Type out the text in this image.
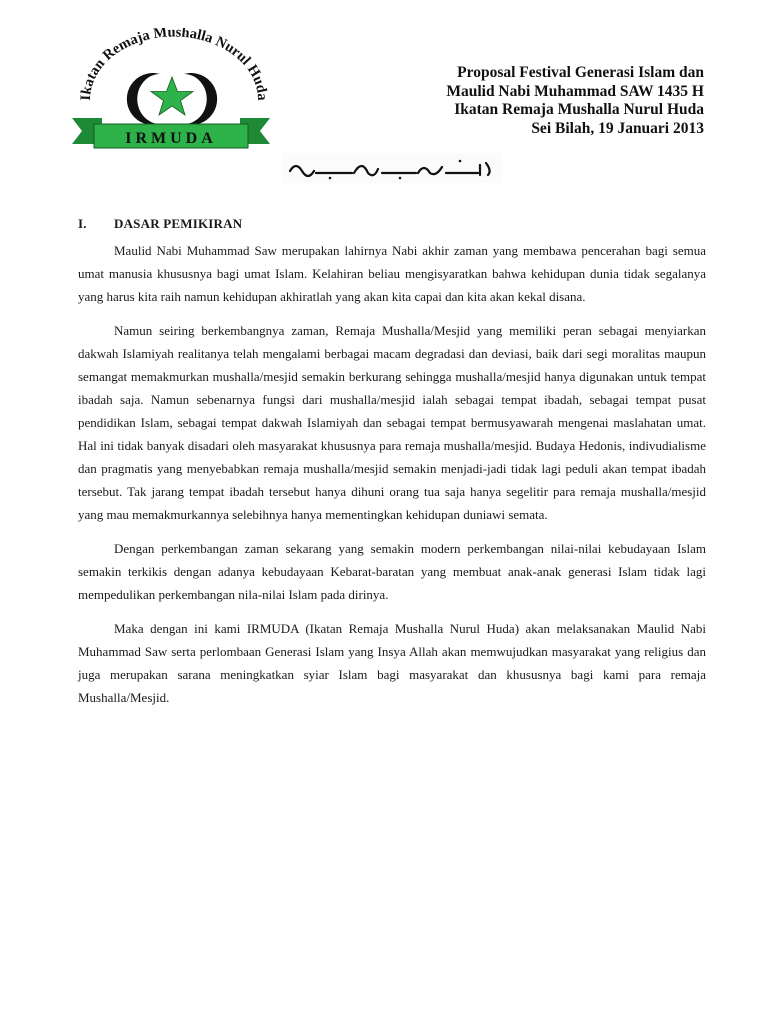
Ikatan Remaja Mushalla Nurul Huda
IRMUDA
Proposal Festival Generasi Islam dan
Maulid Nabi Muhammad SAW 1435 H
Ikatan Remaja Mushalla Nurul Huda
Sei Bilah, 19 Januari 2013
I. DASAR PEMIKIRAN

Maulid Nabi Muhammad Saw merupakan lahirnya Nabi akhir zaman yang membawa pencerahan bagi semua umat manusia khususnya bagi umat Islam. Kelahiran beliau mengisyaratkan bahwa kehidupan dunia tidak segalanya yang harus kita raih namun kehidupan akhiratlah yang akan kita capai dan kita akan kekal disana.

Namun seiring berkembangnya zaman, Remaja Mushalla/Mesjid yang memiliki peran sebagai menyiarkan dakwah Islamiyah realitanya telah mengalami berbagai macam degradasi dan deviasi, baik dari segi moralitas maupun semangat memakmurkan mushalla/mesjid semakin berkurang sehingga mushalla/mesjid hanya digunakan untuk tempat ibadah saja. Namun sebenarnya fungsi dari mushalla/mesjid ialah sebagai tempat ibadah, sebagai tempat pusat pendidikan Islam, sebagai tempat dakwah Islamiyah dan sebagai tempat bermusyawarah mengenai maslahatan umat. Hal ini tidak banyak disadari oleh masyarakat khususnya para remaja mushalla/mesjid. Budaya Hedonis, indivudialisme dan pragmatis yang menyebabkan remaja mushalla/mesjid semakin menjadi-jadi tidak lagi peduli akan tempat ibadah tersebut. Tak jarang tempat ibadah tersebut hanya dihuni orang tua saja hanya segelitir para remaja mushalla/mesjid yang mau memakmurkannya selebihnya hanya mementingkan kehidupan duniawi semata.

Dengan perkembangan zaman sekarang yang semakin modern perkembangan nilai-nilai kebudayaan Islam semakin terkikis dengan adanya kebudayaan Kebarat-baratan yang membuat anak-anak generasi Islam tidak lagi mempedulikan perkembangan nila-nilai Islam pada dirinya.

Maka dengan ini kami IRMUDA (Ikatan Remaja Mushalla Nurul Huda) akan melaksanakan Maulid Nabi Muhammad Saw serta perlombaan Generasi Islam yang Insya Allah akan memwujudkan masyarakat yang religius dan juga merupakan sarana meningkatkan syiar Islam bagi masyarakat dan khususnya bagi kami para remaja Mushalla/Mesjid.
